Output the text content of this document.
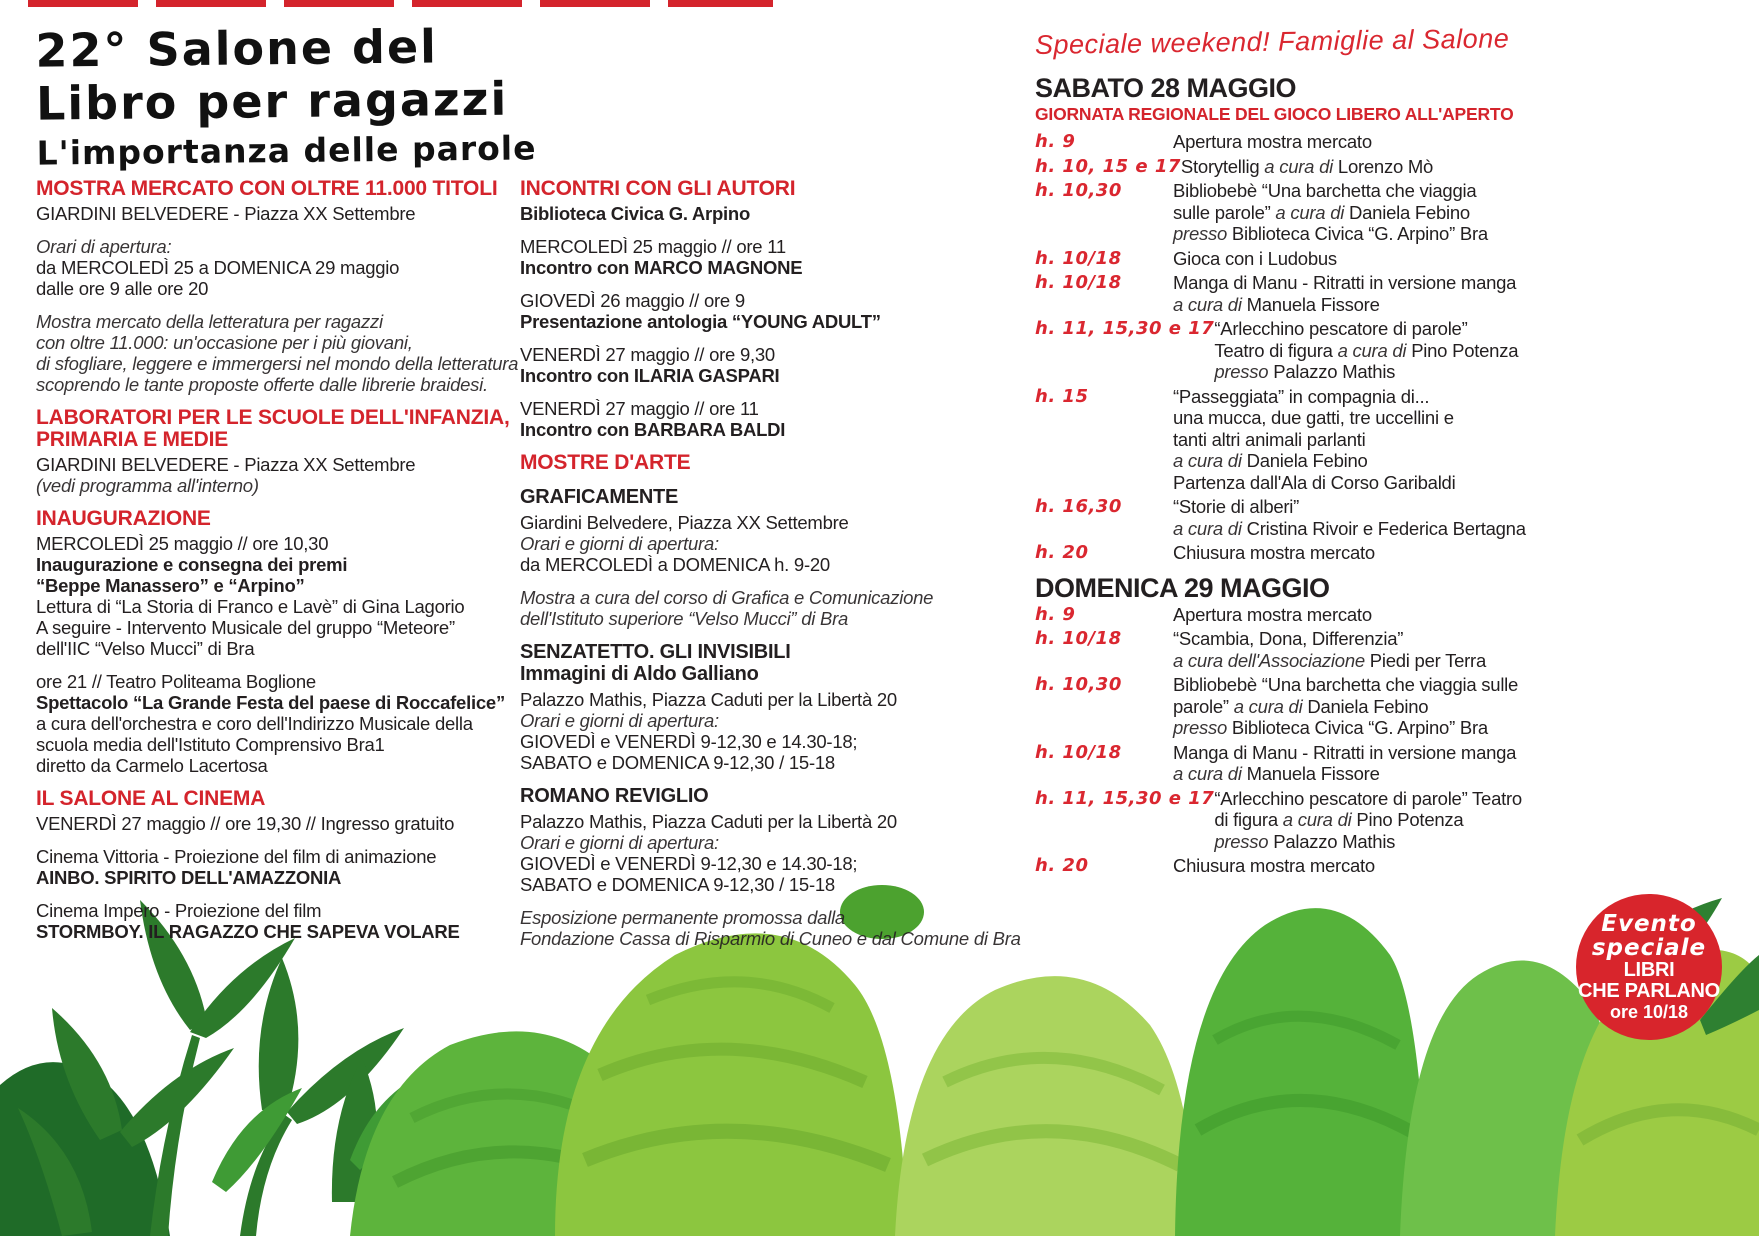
22° Salone del
Libro per ragazzi
L'importanza delle parole
MOSTRA MERCATO CON OLTRE 11.000 TITOLI
GIARDINI BELVEDERE - Piazza XX Settembre
Orari di apertura:
da MERCOLEDÌ 25 a DOMENICA 29 maggio
dalle ore 9 alle ore 20
Mostra mercato della letteratura per ragazzi
con oltre 11.000: un'occasione per i più giovani,
di sfogliare, leggere e immergersi nel mondo della letteratura
scoprendo le tante proposte offerte dalle librerie braidesi.
LABORATORI PER LE SCUOLE DELL'INFANZIA,
PRIMARIA E MEDIE
GIARDINI BELVEDERE - Piazza XX Settembre
(vedi programma all'interno)
INAUGURAZIONE
MERCOLEDÌ 25 maggio // ore 10,30
Inaugurazione e consegna dei premi
“Beppe Manassero” e “Arpino”
Lettura di “La Storia di Franco e Lavè” di Gina Lagorio
A seguire - Intervento Musicale del gruppo “Meteore”
dell'IIC “Velso Mucci” di Bra
ore 21 // Teatro Politeama Boglione
Spettacolo “La Grande Festa del paese di Roccafelice”
a cura dell'orchestra e coro dell'Indirizzo Musicale della
scuola media dell'Istituto Comprensivo Bra1
diretto da Carmelo Lacertosa
IL SALONE AL CINEMA
VENERDÌ 27 maggio // ore 19,30 // Ingresso gratuito
Cinema Vittoria - Proiezione del film di animazione
AINBO. SPIRITO DELL'AMAZZONIA
Cinema Impero - Proiezione del film
STORMBOY. IL RAGAZZO CHE SAPEVA VOLARE
INCONTRI CON GLI AUTORI
Biblioteca Civica G. Arpino
MERCOLEDÌ 25 maggio // ore 11
Incontro con MARCO MAGNONE
GIOVEDÌ 26 maggio // ore 9
Presentazione antologia “YOUNG ADULT”
VENERDÌ 27 maggio // ore 9,30
Incontro con ILARIA GASPARI
VENERDÌ 27 maggio // ore 11
Incontro con BARBARA BALDI
MOSTRE D'ARTE
GRAFICAMENTE
Giardini Belvedere, Piazza XX Settembre
Orari e giorni di apertura:
da MERCOLEDÌ a DOMENICA h. 9-20
Mostra a cura del corso di Grafica e Comunicazione
dell'Istituto superiore “Velso Mucci” di Bra
SENZATETTO. GLI INVISIBILI
Immagini di Aldo Galliano
Palazzo Mathis, Piazza Caduti per la Libertà 20
Orari e giorni di apertura:
GIOVEDÌ e VENERDÌ 9-12,30 e 14.30-18;
SABATO e DOMENICA 9-12,30 / 15-18
ROMANO REVIGLIO
Palazzo Mathis, Piazza Caduti per la Libertà 20
Orari e giorni di apertura:
GIOVEDÌ e VENERDÌ 9-12,30 e 14.30-18;
SABATO e DOMENICA 9-12,30 / 15-18
Esposizione permanente promossa dalla
Fondazione Cassa di Risparmio di Cuneo e dal Comune di Bra
Speciale weekend! Famiglie al Salone
SABATO 28 MAGGIO
GIORNATA REGIONALE DEL GIOCO LIBERO ALL'APERTO
h. 9	Apertura mostra mercato
h. 10, 15 e 17 Storytellig a cura di Lorenzo Mò
h. 10,30	Bibliobebè “Una barchetta che viaggia
sulle parole” a cura di Daniela Febino
presso Biblioteca Civica “G. Arpino” Bra
h. 10/18	Gioca con i Ludobus
h. 10/18	Manga di Manu - Ritratti in versione manga
a cura di Manuela Fissore
h. 11, 15,30 e 17 “Arlecchino pescatore di parole”
Teatro di figura a cura di Pino Potenza
presso Palazzo Mathis
h. 15	“Passeggiata” in compagnia di...
una mucca, due gatti, tre uccellini e
tanti altri animali parlanti
a cura di Daniela Febino
Partenza dall'Ala di Corso Garibaldi
h. 16,30	“Storie di alberi”
a cura di Cristina Rivoir e Federica Bertagna
h. 20	Chiusura mostra mercato
DOMENICA 29 MAGGIO
h. 9	Apertura mostra mercato
h. 10/18	“Scambia, Dona, Differenzia”
a cura dell'Associazione Piedi per Terra
h. 10,30	Bibliobebè “Una barchetta che viaggia sulle
parole” a cura di Daniela Febino
presso Biblioteca Civica “G. Arpino” Bra
h. 10/18	Manga di Manu - Ritratti in versione manga
a cura di Manuela Fissore
h. 11, 15,30 e 17 “Arlecchino pescatore di parole” Teatro
di figura a cura di Pino Potenza
presso Palazzo Mathis
h. 20	Chiusura mostra mercato
Evento
speciale
LIBRI
CHE PARLANO
ore 10/18
